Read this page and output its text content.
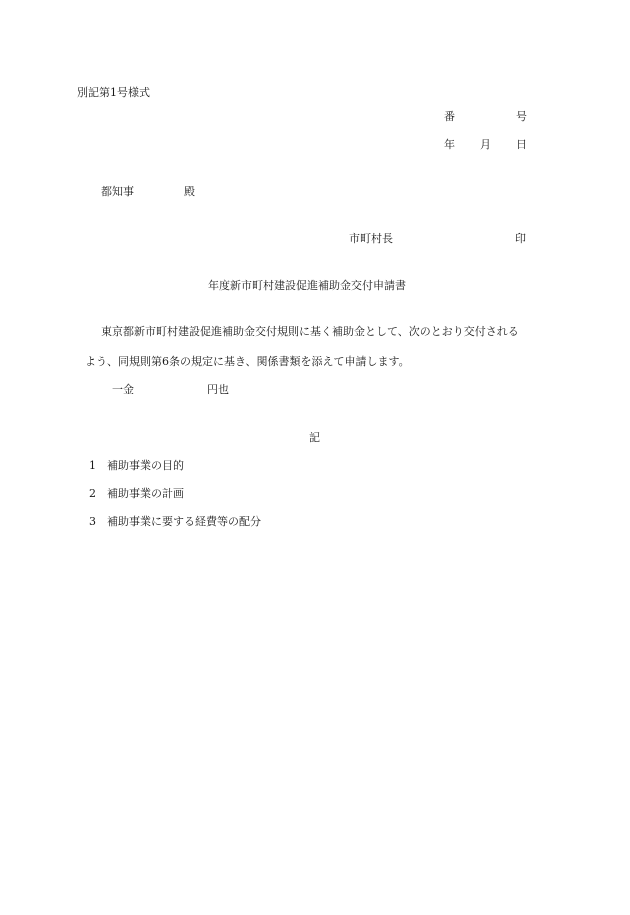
別記第1号様式
番	号
年 月 日
都知事	殿
市町村長	印
年度新市町村建設促進補助金交付申請書
東京都新市町村建設促進補助金交付規則に基く補助金として、次のとおり交付される
よう、同規則第6条の規定に基き、関係書類を添えて申請します。
一金	円也
記
1 補助事業の目的
2 補助事業の計画
3 補助事業に要する経費等の配分
